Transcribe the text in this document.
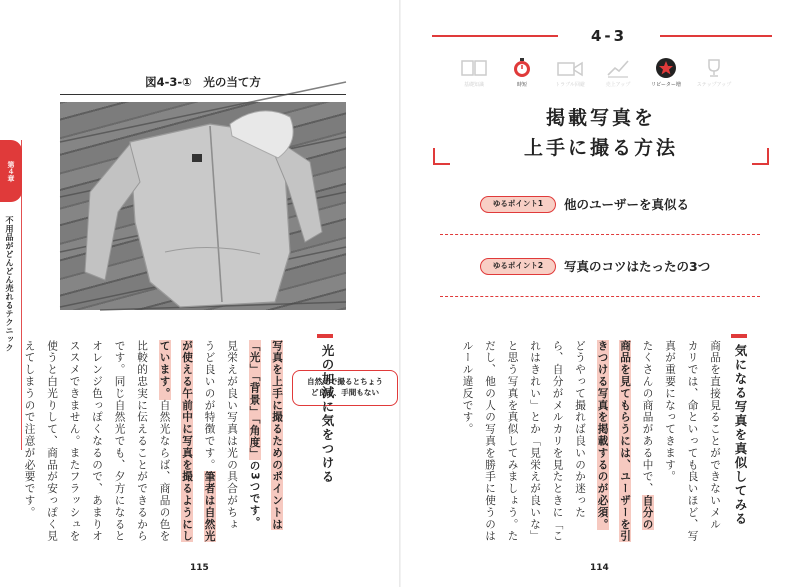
第４章
不用品がどんどん売れるテクニック
図4-3-①　光の当て方
自然光で撮るとちょう
ど良く、手間もない
光の加減に気をつける
写真を上手に撮るためのポイントは
「光」「背景」「角度」の3つです。
見栄えが良い写真は光の具合がちょ
うど良いのが特徴です。筆者は自然光
が使える午前中に写真を撮るようにし
ています。自然光ならば、商品の色を
比較的忠実に伝えることができるから
です。同じ自然光でも、夕方になると
オレンジ色っぽくなるので、あまりオ
ススメできません。またフラッシュを
使うと白光りして、商品が安っぽく見
えてしまうので注意が必要です。
115
4-3
基礎知識	時短	トラブル回避	売上アップ	リピーター増	ステップアップ
掲載写真を
上手に撮る方法
ゆるポイント1	他のユーザーを真似る
ゆるポイント2	写真のコツはたったの3つ
気になる写真を真似してみる
商品を直接見ることができないメル
カリでは、命といっても良いほど、写
真が重要になってきます。
たくさんの商品がある中で、自分の
商品を見てもらうには、ユーザーを引
きつける写真を掲載するのが必須。
どうやって撮れば良いのか迷った
ら、自分がメルカリを見たときに「こ
れはきれい」とか「見栄えが良いな」
と思う写真を真似してみましょう。た
だし、他の人の写真を勝手に使うのは
ルール違反です。
114
